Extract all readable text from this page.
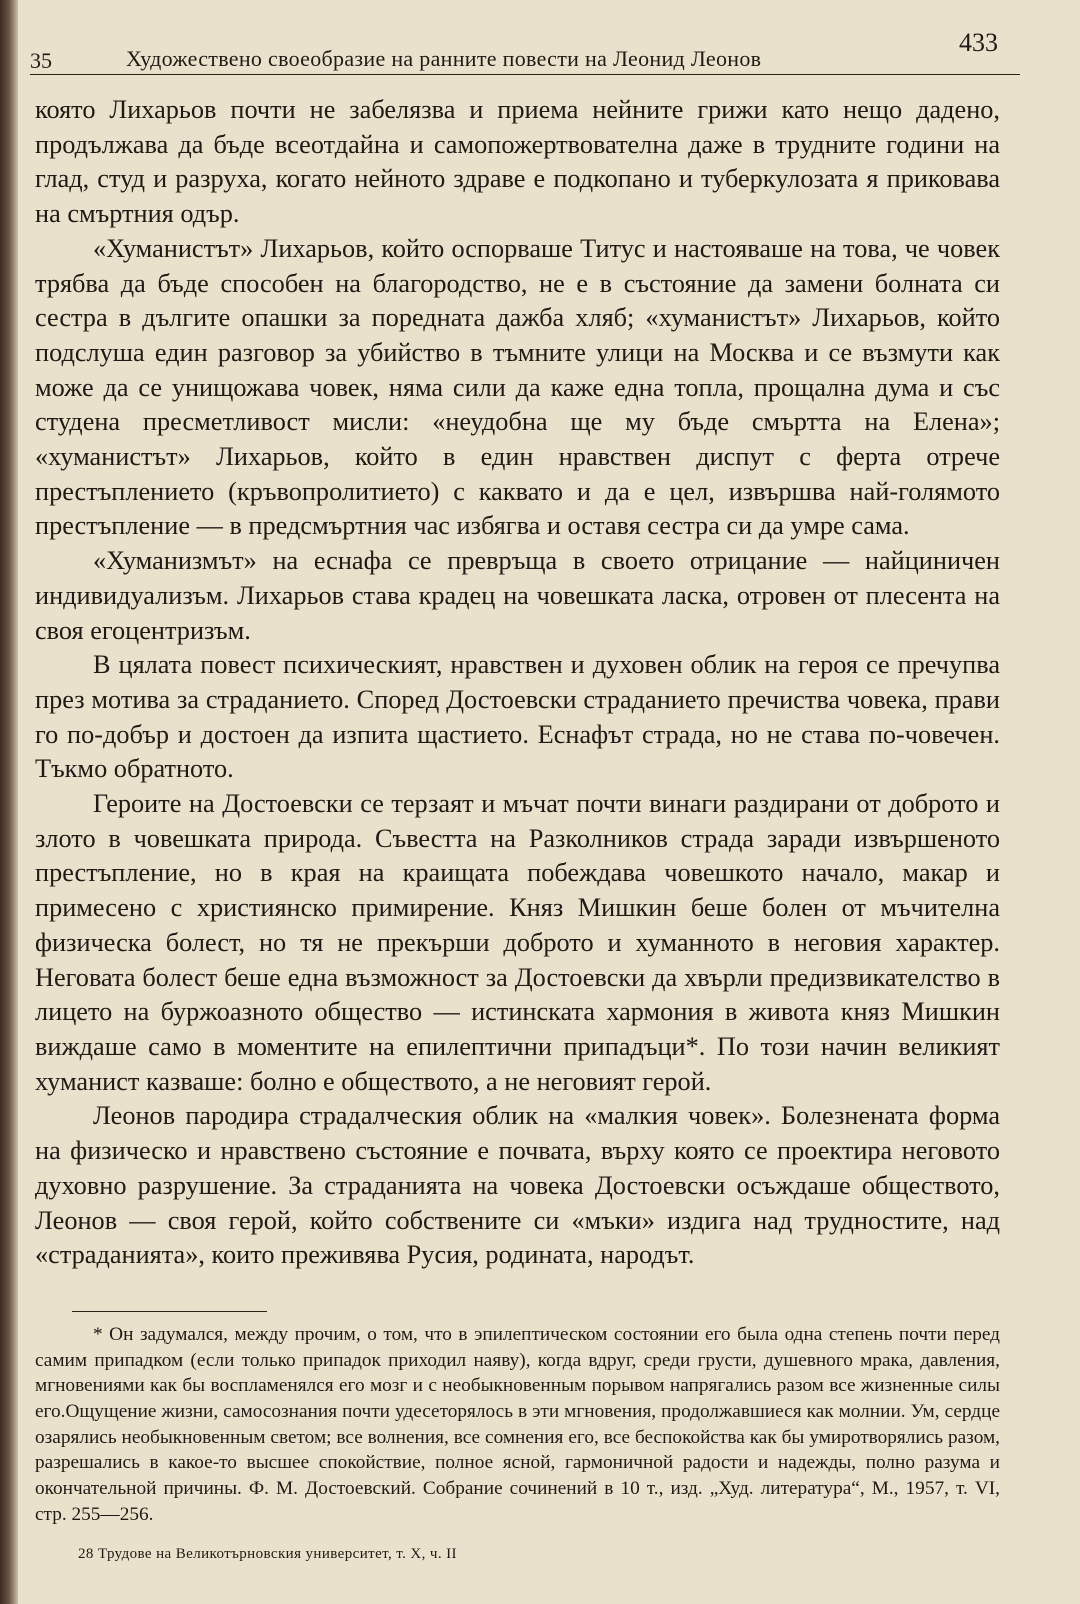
35	Художествено своеобразие на ранните повести на Леонид Леонов
433

която Лихарьов почти не забелязва и приема нейните грижи като нещо дадено, продължава да бъде всеотдайна и самопожертвователна даже в трудните години на глад, студ и разруха, когато нейното здраве е подкопано и туберкулозата я приковава на смъртния одър.

«Хуманистът» Лихарьов, който оспорваше Титус и настояваше на това, че човек трябва да бъде способен на благородство, не е в състояние да замени болната си сестра в дългите опашки за поредната дажба хляб; «хуманистът» Лихарьов, който подслуша един разговор за убийство в тъмните улици на Москва и се възмути как може да се унищожава човек, няма сили да каже една топла, прощална дума и със студена пресметливост мисли: «неудобна ще му бъде смъртта на Елена»; «хуманистът» Лихарьов, който в един нравствен диспут с ферта отрече престъплението (кръвопролитието) с каквато и да е цел, извършва най-голямото престъпление — в предсмъртния час избягва и оставя сестра си да умре сама.

«Хуманизмът» на еснафа се превръща в своето отрицание — найциничен индивидуализъм. Лихарьов става крадец на човешката ласка, отровен от плесента на своя егоцентризъм.

В цялата повест психическият, нравствен и духовен облик на героя се пречупва през мотива за страданието. Според Достоевски страданието пречиства човека, прави го по-добър и достоен да изпита щастието. Еснафът страда, но не става по-човечен. Тъкмо обратното.

Героите на Достоевски се терзаят и мъчат почти винаги раздирани от доброто и злото в човешката природа. Съвестта на Разколников страда заради извършеното престъпление, но в края на краищата побеждава човешкото начало, макар и примесено с християнско примирение. Княз Мишкин беше болен от мъчителна физическа болест, но тя не прекърши доброто и хуманното в неговия характер. Неговата болест беше една възможност за Достоевски да хвърли предизвикателство в лицето на буржоазното общество — истинската хармония в живота княз Мишкин виждаше само в моментите на епилептични припадъци*. По този начин великият хуманист казваше: болно е обществото, а не неговият герой.

Леонов пародира страдалческия облик на «малкия човек». Болезнената форма на физическо и нравствено състояние е почвата, върху която се проектира неговото духовно разрушение. За страданията на човека Достоевски осъждаше обществото, Леонов — своя герой, който собствените си «мъки» издига над трудностите, над «страданията», които преживява Русия, родината, народът.

* Он задумался, между прочим, о том, что в эпилептическом состоянии его была одна степень почти перед самим припадком (если только припадок приходил наяву), когда вдруг, среди грусти, душевного мрака, давления, мгновениями как бы воспламенялся его мозг и с необыкновенным порывом напрягались разом все жизненные силы его.Ощущение жизни, самосознания почти удесеторялось в эти мгновения, продолжавшиеся как молнии. Ум, сердце озарялись необыкновенным светом; все волнения, все сомнения его, все беспокойства как бы умиротворялись разом, разрешались в какое-то высшее спокойствие, полное ясной, гармоничной радости и надежды, полно разума и окончательной причины. Ф. М. Достоевский. Собрание сочинений в 10 т., изд. „Худ. литература“, М., 1957, т. VI, стр. 255—256.
28 Трудове на Великотърновския университет, т. X, ч. II
